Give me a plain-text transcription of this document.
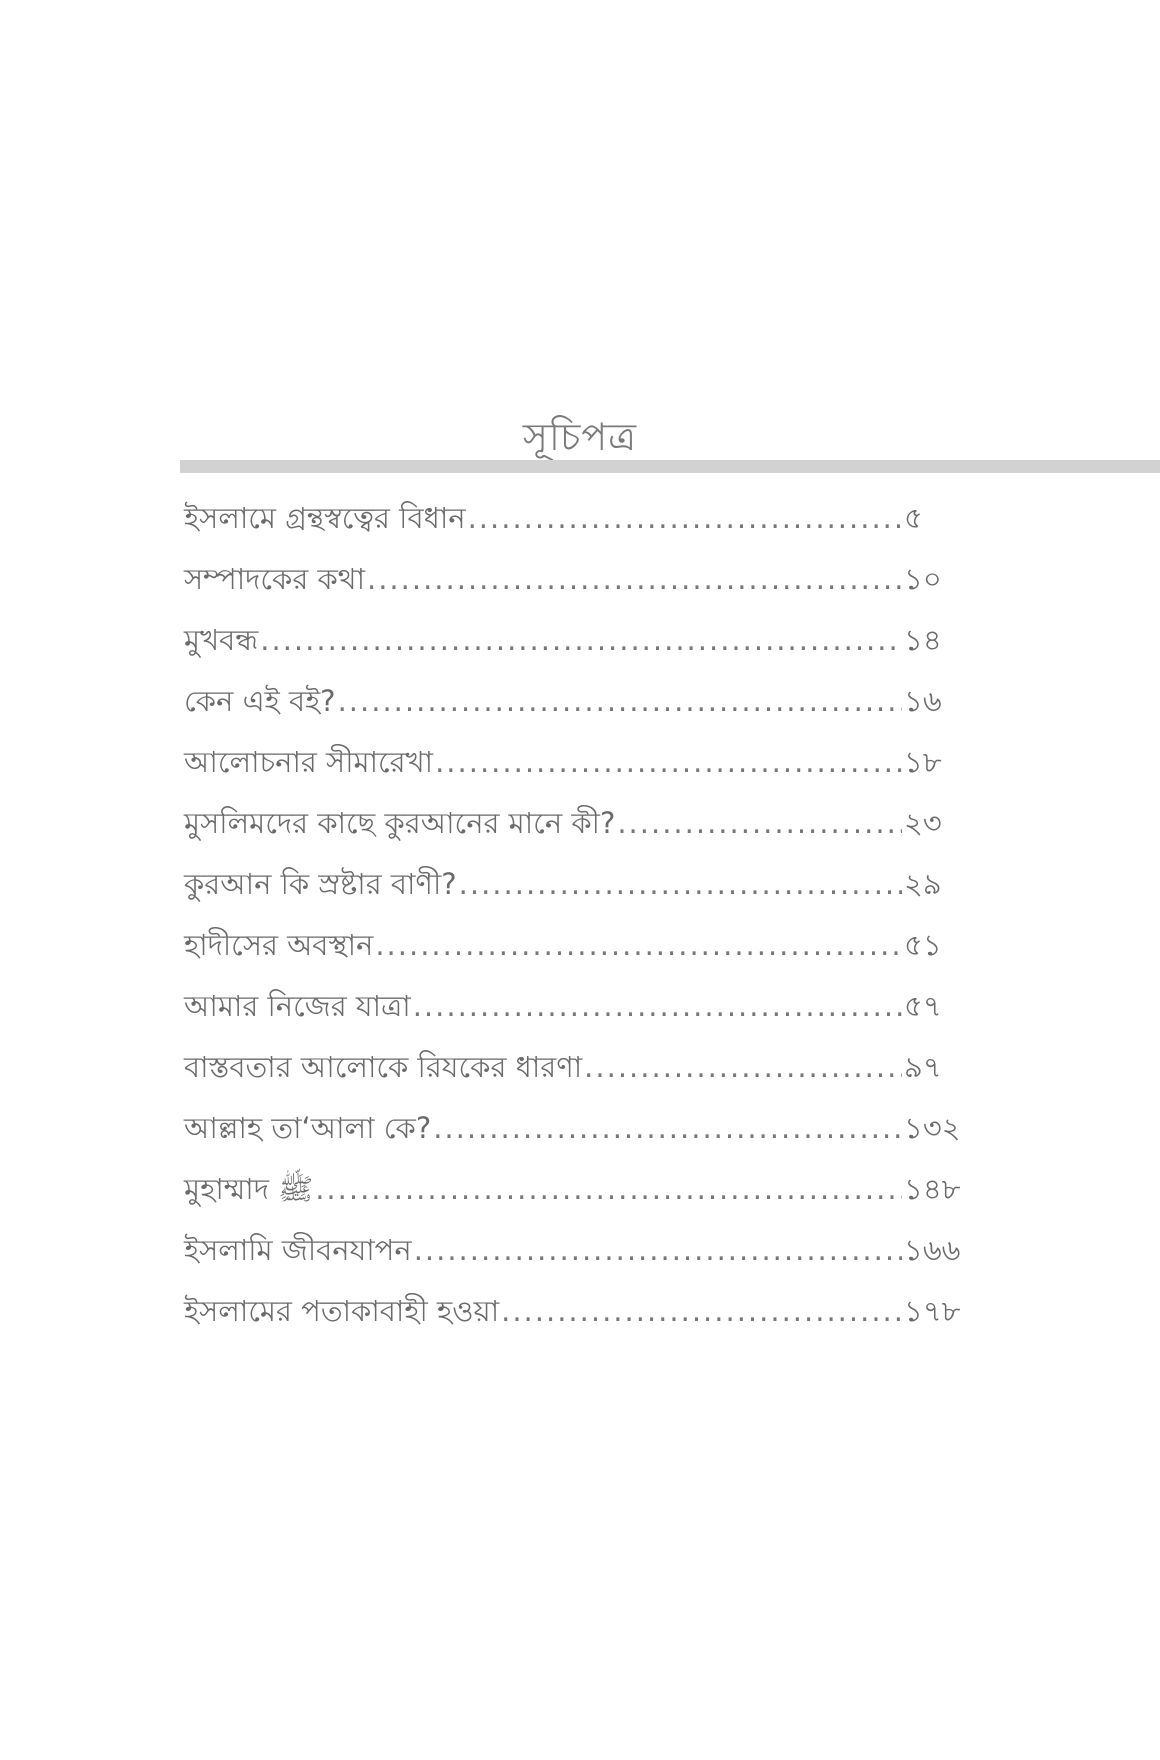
সূচিপত্র
ইসলামে গ্রন্থস্বত্বের বিধান .....	৫
সম্পাদকের কথা .....	১০
মুখবন্ধ .....	১৪
কেন এই বই? .....	১৬
আলোচনার সীমারেখা .....	১৮
মুসলিমদের কাছে কুরআনের মানে কী? .....	২৩
কুরআন কি স্রষ্টার বাণী? .....	২৯
হাদীসের অবস্থান .....	৫১
আমার নিজের যাত্রা .....	৫৭
বাস্তবতার আলোকে রিযকের ধারণা .....	৯৭
আল্লাহ তা‘আলা কে? .....	১৩২
মুহাম্মাদ ﷺ .....	১৪৮
ইসলামি জীবনযাপন .....	১৬৬
ইসলামের পতাকাবাহী হওয়া .....	১৭৮
